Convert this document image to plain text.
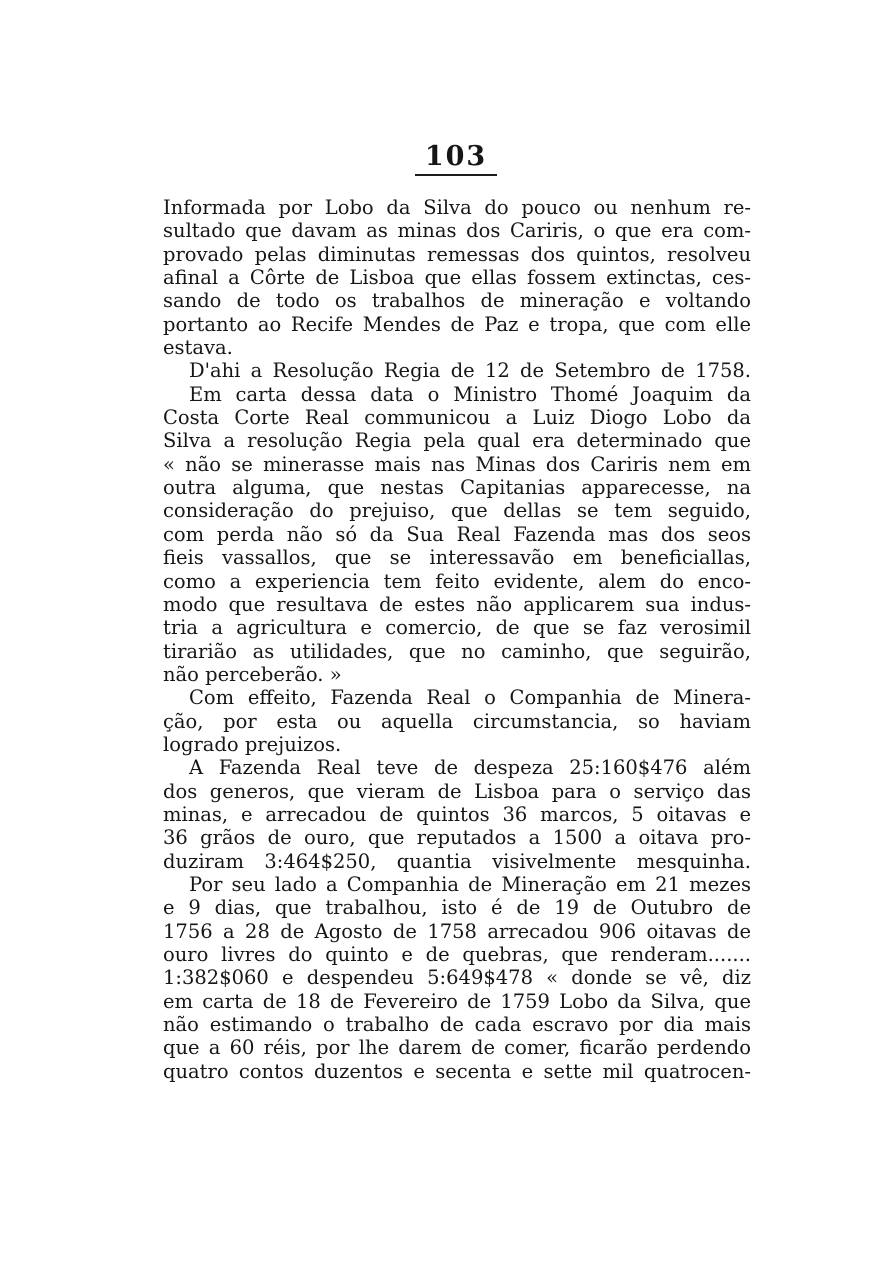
103
Informada por Lobo da Silva do pouco ou nenhum re-
sultado que davam as minas dos Cariris, o que era com-
provado pelas diminutas remessas dos quintos, resolveu
afinal a Côrte de Lisboa que ellas fossem extinctas, ces-
sando de todo os trabalhos de mineração e voltando
portanto ao Recife Mendes de Paz e tropa, que com elle
estava.
D'ahi a Resolução Regia de 12 de Setembro de 1758.
Em carta dessa data o Ministro Thomé Joaquim da
Costa Corte Real communicou a Luiz Diogo Lobo da
Silva a resolução Regia pela qual era determinado que
« não se minerasse mais nas Minas dos Cariris nem em
outra alguma, que nestas Capitanias apparecesse, na
consideração do prejuiso, que dellas se tem seguido,
com perda não só da Sua Real Fazenda mas dos seos
fieis vassallos, que se interessavão em beneficiallas,
como a experiencia tem feito evidente, alem do enco-
modo que resultava de estes não applicarem sua indus-
tria a agricultura e comercio, de que se faz verosimil
tirarião as utilidades, que no caminho, que seguirão,
não perceberão. »
Com effeito, Fazenda Real o Companhia de Minera-
ção, por esta ou aquella circumstancia, so haviam
logrado prejuizos.
A Fazenda Real teve de despeza 25:160$476 além
dos generos, que vieram de Lisboa para o serviço das
minas, e arrecadou de quintos 36 marcos, 5 oitavas e
36 grãos de ouro, que reputados a 1500 a oitava pro-
duziram 3:464$250, quantia visivelmente mesquinha.
Por seu lado a Companhia de Mineração em 21 mezes
e 9 dias, que trabalhou, isto é de 19 de Outubro de
1756 a 28 de Agosto de 1758 arrecadou 906 oitavas de
ouro livres do quinto e de quebras, que renderam.......
1:382$060 e despendeu 5:649$478 « donde se vê, diz
em carta de 18 de Fevereiro de 1759 Lobo da Silva, que
não estimando o trabalho de cada escravo por dia mais
que a 60 réis, por lhe darem de comer, ficarão perdendo
quatro contos duzentos e secenta e sette mil quatrocen-
